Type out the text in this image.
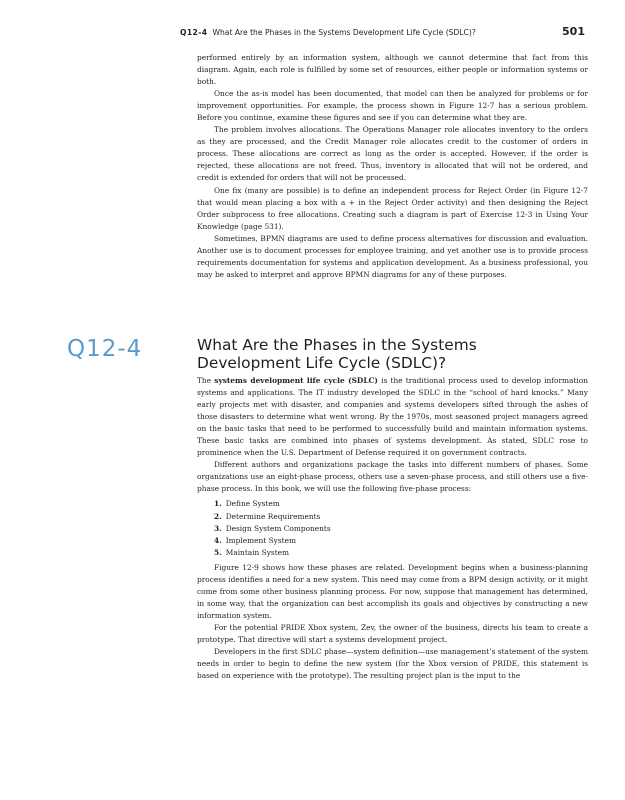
Q12-4 What Are the Phases in the Systems Development Life Cycle (SDLC)?	501

performed entirely by an information system, although we cannot determine that fact from this diagram. Again, each role is fulfilled by some set of resources, either people or information systems or both.

Once the as-is model has been documented, that model can then be analyzed for problems or for improvement opportunities. For example, the process shown in Figure 12-7 has a serious problem. Before you continue, examine these figures and see if you can determine what they are.

The problem involves allocations. The Operations Manager role allocates inventory to the orders as they are processed, and the Credit Manager role allocates credit to the customer of orders in process. These allocations are correct as long as the order is accepted. However, if the order is rejected, these allocations are not freed. Thus, inventory is allocated that will not be ordered, and credit is extended for orders that will not be processed.

One fix (many are possible) is to define an independent process for Reject Order (in Figure 12-7 that would mean placing a box with a + in the Reject Order activity) and then designing the Reject Order subprocess to free allocations. Creating such a diagram is part of Exercise 12-3 in Using Your Knowledge (page 531).

Sometimes, BPMN diagrams are used to define process alternatives for discussion and evaluation. Another use is to document processes for employee training, and yet another use is to provide process requirements documentation for systems and application development. As a business professional, you may be asked to interpret and approve BPMN diagrams for any of these purposes.

Q12-4	What Are the Phases in the Systems
Development Life Cycle (SDLC)?

The systems development life cycle (SDLC) is the traditional process used to develop information systems and applications. The IT industry developed the SDLC in the “school of hard knocks.” Many early projects met with disaster, and companies and systems developers sifted through the ashes of those disasters to determine what went wrong. By the 1970s, most seasoned project managers agreed on the basic tasks that need to be performed to successfully build and maintain information systems. These basic tasks are combined into phases of systems development. As stated, SDLC rose to prominence when the U.S. Department of Defense required it on government contracts.

Different authors and organizations package the tasks into different numbers of phases. Some organizations use an eight-phase process, others use a seven-phase process, and still others use a five-phase process. In this book, we will use the following five-phase process:

1. Define System
2. Determine Requirements
3. Design System Components
4. Implement System
5. Maintain System

Figure 12-9 shows how these phases are related. Development begins when a business-planning process identifies a need for a new system. This need may come from a BPM design activity, or it might come from some other business planning process. For now, suppose that management has determined, in some way, that the organization can best accomplish its goals and objectives by constructing a new information system.

For the potential PRIDE Xbox system, Zev, the owner of the business, directs his team to create a prototype. That directive will start a systems development project.

Developers in the first SDLC phase—system definition—use management’s statement of the system needs in order to begin to define the new system (for the Xbox version of PRIDE, this statement is based on experience with the prototype). The resulting project plan is the input to the
